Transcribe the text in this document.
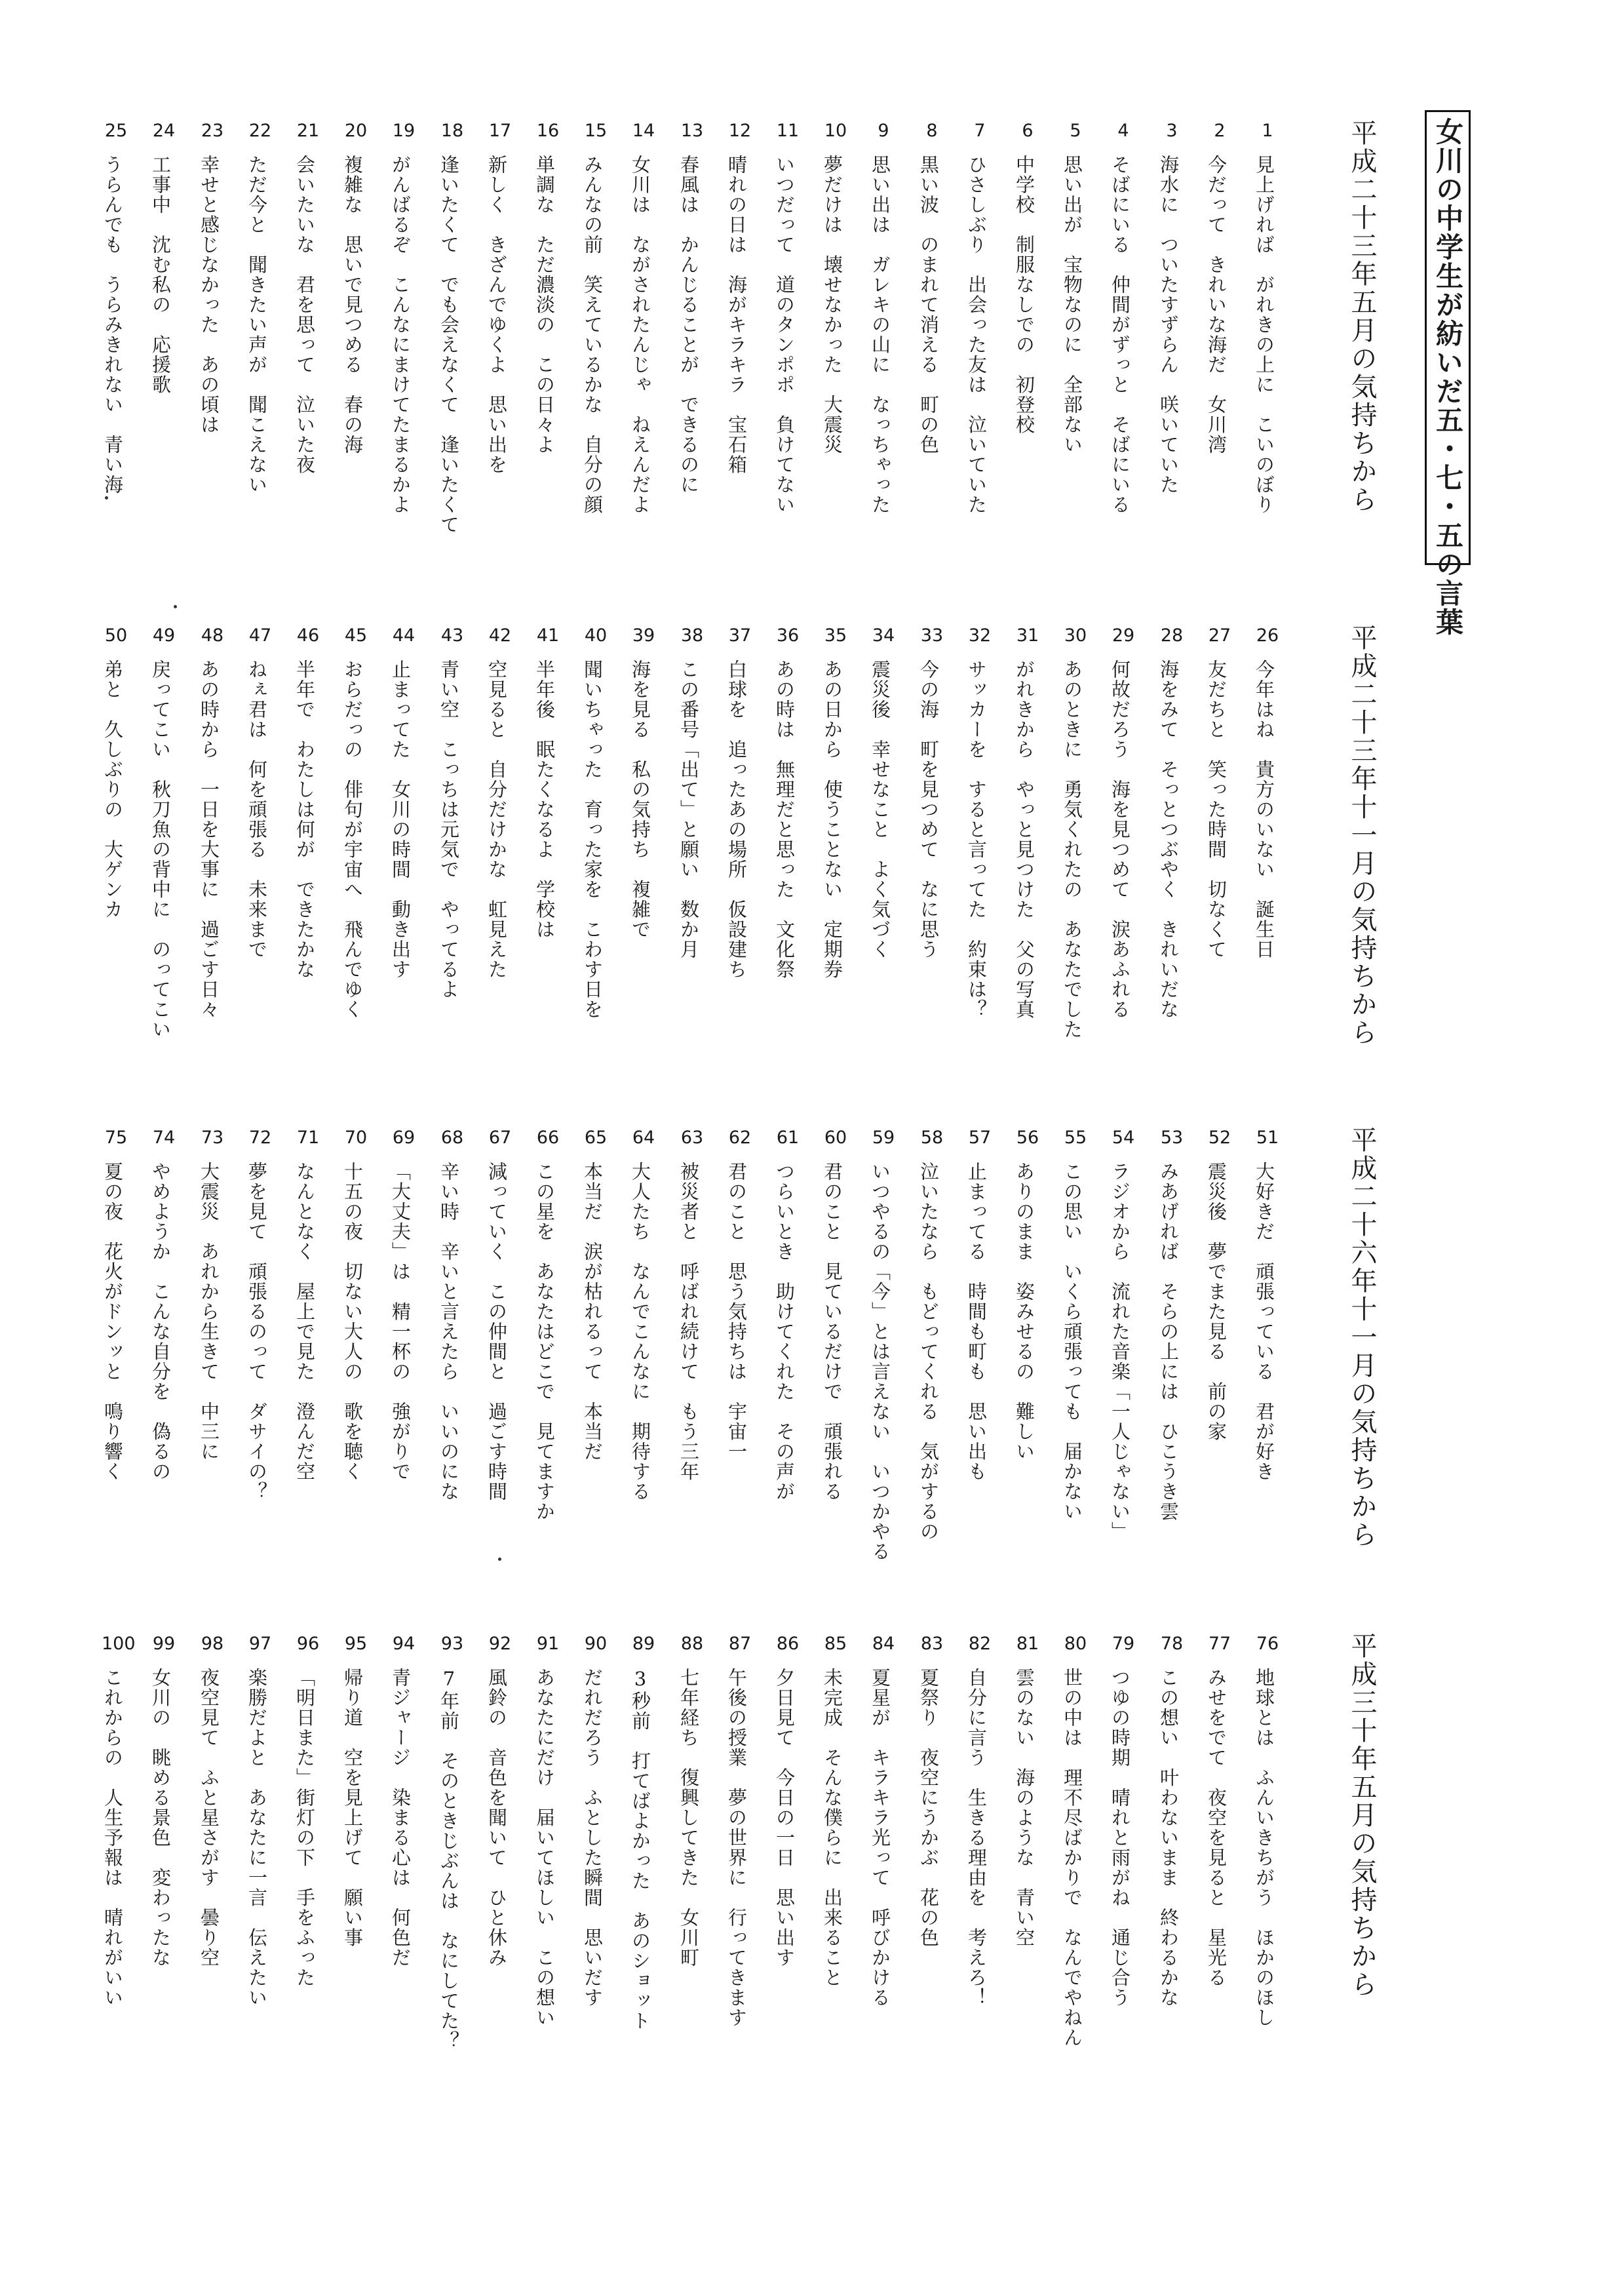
女川の中学生が紡いだ五・七・五の言葉
平成二十三年五月の気持ちから
1
見上げれば　がれきの上に　こいのぼり
2
今だって　きれいな海だ　女川湾
3
海水に　ついたすずらん　咲いていた
4
そばにいる　仲間がずっと　そばにいる
5
思い出が　宝物なのに　全部ない
6
中学校　制服なしでの　初登校
7
ひさしぶり　出会った友は　泣いていた
8
黒い波　のまれて消える　町の色
9
思い出は　ガレキの山に　なっちゃった
10
夢だけは　壊せなかった　大震災
11
いつだって　道のタンポポ　負けてない
12
晴れの日は　海がキラキラ　宝石箱
13
春風は　かんじることが　できるのに
14
女川は　ながされたんじゃ　ねえんだよ
15
みんなの前　笑えているかな　自分の顔
16
単調な　ただ濃淡の　この日々よ
17
新しく　きざんでゆくよ　思い出を
18
逢いたくて　でも会えなくて　逢いたくて
19
がんばるぞ　こんなにまけてたまるかよ
20
複雑な　思いで見つめる　春の海
21
会いたいな　君を思って　泣いた夜
22
ただ今と　聞きたい声が　聞こえない
23
幸せと感じなかった　あの頃は
24
工事中　沈む私の　応援歌
25
うらんでも　うらみきれない　青い海
平成二十三年十一月の気持ちから
26
今年はね　貴方のいない　誕生日
27
友だちと　笑った時間　切なくて
28
海をみて　そっとつぶやく　きれいだな
29
何故だろう　海を見つめて　涙あふれる
30
あのときに　勇気くれたの　あなたでした
31
がれきから　やっと見つけた　父の写真
32
サッカーを　すると言ってた　約束は？
33
今の海　町を見つめて　なに思う
34
震災後　幸せなこと　よく気づく
35
あの日から　使うことない　定期券
36
あの時は　無理だと思った　文化祭
37
白球を　追ったあの場所　仮設建ち
38
この番号「出て」と願い　数か月
39
海を見る　私の気持ち　複雑で
40
聞いちゃった　育った家を　こわす日を
41
半年後　眠たくなるよ　学校は
42
空見ると　自分だけかな　虹見えた
43
青い空　こっちは元気で　やってるよ
44
止まってた　女川の時間　動き出す
45
おらだっの　俳句が宇宙へ　飛んでゆく
46
半年で　わたしは何が　できたかな
47
ねぇ君は　何を頑張る　未来まで
48
あの時から　一日を大事に　過ごす日々
49
戻ってこい　秋刀魚の背中に　のってこい
50
弟と　久しぶりの　大ゲンカ
平成二十六年十一月の気持ちから
51
大好きだ　頑張っている　君が好き
52
震災後　夢でまた見る　前の家
53
みあげれば　そらの上には　ひこうき雲
54
ラジオから　流れた音楽「一人じゃない」
55
この思い　いくら頑張っても　届かない
56
ありのまま　姿みせるの　難しい
57
止まってる　時間も町も　思い出も
58
泣いたなら　もどってくれる　気がするの
59
いつやるの「今」とは言えない　いつかやる
60
君のこと　見ているだけで　頑張れる
61
つらいとき　助けてくれた　その声が
62
君のこと　思う気持ちは　宇宙一
63
被災者と　呼ばれ続けて　もう三年
64
大人たち　なんでこんなに　期待する
65
本当だ　涙が枯れるって　本当だ
66
この星を　あなたはどこで　見てますか
67
減っていく　この仲間と　過ごす時間
68
辛い時　辛いと言えたら　いいのにな
69
「大丈夫」は　精一杯の　強がりで
70
十五の夜　切ない大人の　歌を聴く
71
なんとなく　屋上で見た　澄んだ空
72
夢を見て　頑張るのって　ダサイの？
73
大震災　あれから生きて　中三に
74
やめようか　こんな自分を　偽るの
75
夏の夜　花火がドンッと　鳴り響く
平成三十年五月の気持ちから
76
地球とは　ふんいきちがう　ほかのほし
77
みせをでて　夜空を見ると　星光る
78
この想い　叶わないまま　終わるかな
79
つゆの時期　晴れと雨がね　通じ合う
80
世の中は　理不尽ばかりで　なんでやねん
81
雲のない　海のような　青い空
82
自分に言う　生きる理由を　考えろ！
83
夏祭り　夜空にうかぶ　花の色
84
夏星が　キラキラ光って　呼びかける
85
未完成　そんな僕らに　出来ること
86
夕日見て　今日の一日　思い出す
87
午後の授業　夢の世界に　行ってきます
88
七年経ち　復興してきた　女川町
89
3秒前　打てばよかった　あのショット
90
だれだろう　ふとした瞬間　思いだす
91
あなたにだけ　届いてほしい　この想い
92
風鈴の　音色を聞いて　ひと休み
93
7年前　そのときじぶんは　なにしてた？
94
青ジャージ　染まる心は　何色だ
95
帰り道　空を見上げて　願い事
96
「明日また」街灯の下　手をふった
97
楽勝だよと　あなたに一言　伝えたい
98
夜空見て　ふと星さがす　曇り空
99
女川の　眺める景色　変わったな
100
これからの　人生予報は　晴れがいい
